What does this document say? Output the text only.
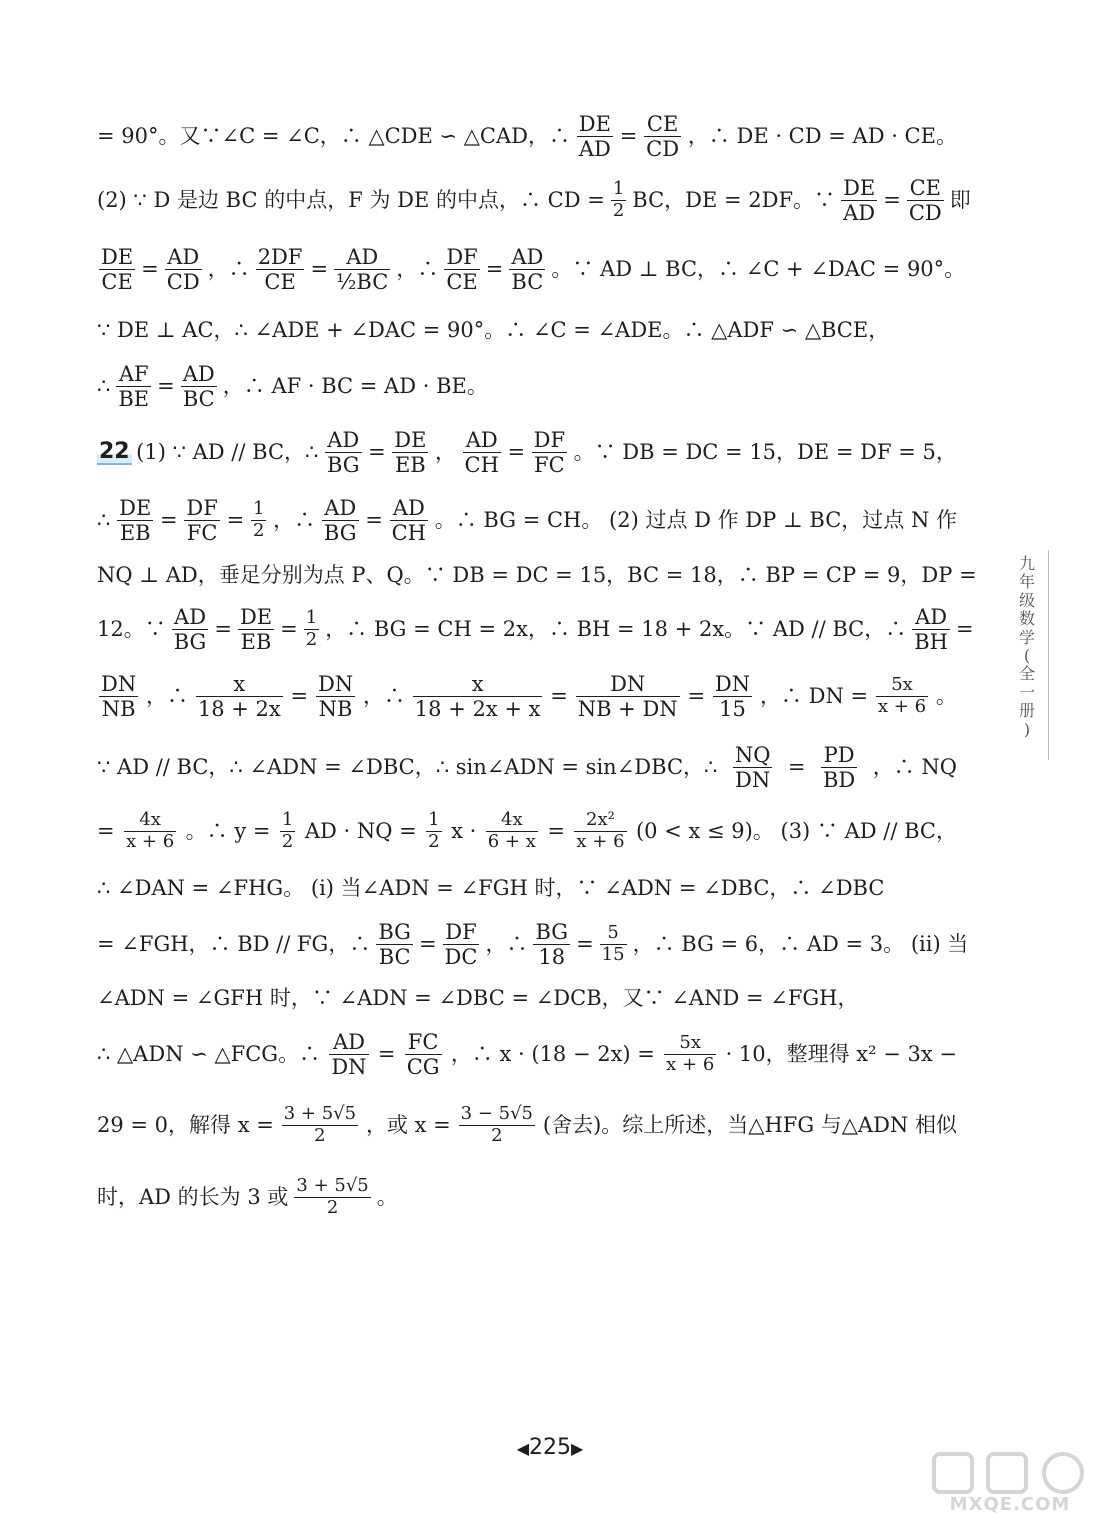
= 90°。又∵∠C = ∠C，∴ △CDE ∽ △CAD，∴ $\frac{DE}{AD} = \frac{CE}{CD}$ ，∴ DE · CD = AD · CE。
(2) ∵ D 是边 BC 的中点，F 为 DE 的中点，∴ CD = $\frac{1}{2}$ BC，DE = 2DF。∵ $\frac{DE}{AD} = \frac{CE}{CD}$ 即
$\frac{DE}{CE} = \frac{AD}{CD}$ ，∴ $\frac{2DF}{CE} = \frac{AD}{\text{½BC}}$ ，∴ $\frac{DF}{CE} = \frac{AD}{BC}$ 。∵ AD ⊥ BC，∴ ∠C + ∠DAC = 90°。
∵ DE ⊥ AC，∴ ∠ADE + ∠DAC = 90°。∴ ∠C = ∠ADE。∴ △ADF ∽ △BCE，
∴ $\frac{AF}{BE} = \frac{AD}{BC}$ ，∴ AF · BC = AD · BE。
22 (1) ∵ AD // BC，∴ $\frac{AD}{BG} = \frac{DE}{EB}$ ， $\frac{AD}{CH} = \frac{DF}{FC}$ 。∵ DB = DC = 15，DE = DF = 5，
∴ $\frac{DE}{EB} = \frac{DF}{FC} = \frac{1}{2}$ ，∴ $\frac{AD}{BG} = \frac{AD}{CH}$ 。∴ BG = CH。 (2) 过点 D 作 DP ⊥ BC，过点 N 作
NQ ⊥ AD，垂足分别为点 P、Q。∵ DB = DC = 15，BC = 18，∴ BP = CP = 9，DP =
12。∵ $\frac{AD}{BG} = \frac{DE}{EB} = \frac{1}{2}$ ，∴ BG = CH = 2x，∴ BH = 18 + 2x。∵ AD // BC，∴ $\frac{AD}{BH}$ =
$\frac{DN}{NB}$ ，∴ $\frac{x}{18 + 2x} = \frac{DN}{NB}$ ，∴ $\frac{x}{18 + 2x + x} = \frac{DN}{NB + DN} = \frac{DN}{15}$ ，∴ DN = $\frac{5x}{x + 6}$ 。
∵ AD // BC，∴ ∠ADN = ∠DBC，∴ sin∠ADN = sin∠DBC，∴ $\frac{NQ}{DN} = \frac{PD}{BD}$ ，∴ NQ
= $\frac{4x}{x + 6}$ 。∴ $y = \frac{1}{2}$ AD · NQ = $\frac{1}{2}$ $x \cdot \frac{4x}{6 + x} = \frac{\text{2x²}}{x + 6} (0 < x \le 9)$。 (3) ∵ AD // BC，
∴ ∠DAN = ∠FHG。 (i) 当∠ADN = ∠FGH 时，∵ ∠ADN = ∠DBC，∴ ∠DBC
= ∠FGH，∴ BD // FG，∴ $\frac{BG}{BC} = \frac{DF}{DC}$ ，∴ $\frac{BG}{18} = \frac{5}{15}$ ，∴ BG = 6，∴ AD = 3。 (ii) 当
∠ADN = ∠GFH 时，∵ ∠ADN = ∠DBC = ∠DCB，又∵ ∠AND = ∠FGH，
∴ △ADN ∽ △FCG。∴ $\frac{AD}{DN} = \frac{FC}{CG}$ ，∴ $x \cdot (18 - 2x) = \frac{5x}{x + 6} \cdot 10$，整理得 x² − 3x −
29 = 0，解得 $x = \frac{3 + 5√5}{2}$ ，或 $x = \frac{3 - 5√5}{2}$ (舍去)。综上所述，当△HFG 与△ADN 相似
时，AD 的长为 3 或 $\frac{3 + 5√5}{2}$ 。
九
年
级
数
学
(
全
一
册
)
◀225▶
MXQE.COM
